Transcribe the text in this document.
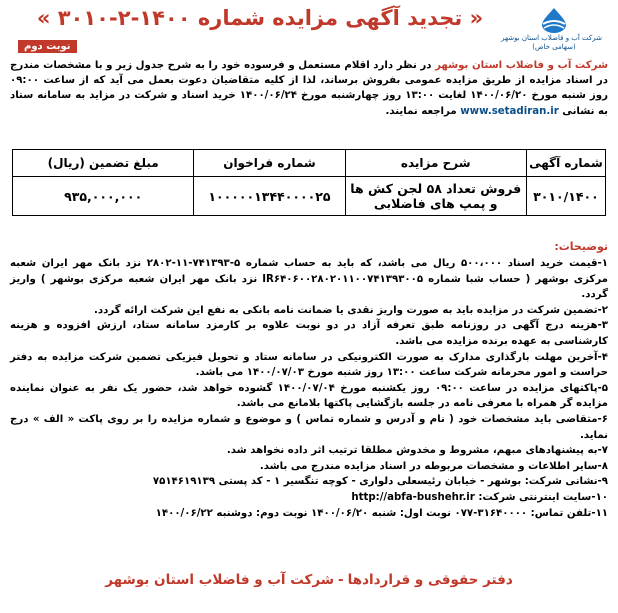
شرکت آب و فاضلاب استان بوشهر
(سهامی خاص)
« تجدید آگهی مزایده شماره ۱۴۰۰-۲-۳۰۱۰ »
نوبت دوم
شرکت آب و فاضلاب استان بوشهر در نظر دارد اقلام مستعمل و فرسوده خود را به شرح جدول زیر و با مشخصات مندرج در اسناد مزایده از طریق مزایده عمومی بفروش برساند، لذا از کلیه متقاضیان دعوت بعمل می آید که از ساعت ۰۹:۰۰ روز شنبه مورخ ۱۴۰۰/۰۶/۲۰ لغایت ۱۳:۰۰ روز چهارشنبه مورخ ۱۴۰۰/۰۶/۲۴ خرید اسناد و شرکت در مزاید به سامانه ستاد به نشانی www.setadiran.ir مراجعه نمایند.
شماره آگهی	شرح مزایده	شماره فراخوان	مبلغ تضمین (ریال)
۳۰۱۰/۱۴۰۰	فروش تعداد ۵۸ لجن کش ها و پمپ های فاضلابی	۱۰۰۰۰۰۱۳۴۴۰۰۰۰۲۵	۹۳۵,۰۰۰,۰۰۰
توضیحات:

۱-قیمت خرید اسناد ۵۰۰،۰۰۰ ریال می باشد، که باید به حساب شماره ۵-۷۴۱۳۹۳-۱۱-۲۸۰۲ نزد بانک مهر ایران شعبه مرکزی بوشهر ( حساب شبا شماره IR۶۴۰۶۰۰۲۸۰۲۰۱۱۰۰۷۴۱۳۹۳۰۰۵ نزد بانک مهر ایران شعبه مرکزی بوشهر ) واریز گردد.

۲-تضمین شرکت در مزایده باید به صورت واریز نقدی یا ضمانت نامه بانکی به نفع این شرکت ارائه گردد.

۳-هزینه درج آگهی در روزنامه طبق تعرفه آزاد در دو نوبت علاوه بر کارمزد سامانه ستاد، ارزش افزوده و هزینه کارشناسی به عهده برنده مزایده می باشد.

۴-آخرین مهلت بارگذاری مدارک به صورت الکترونیکی در سامانه ستاد و تحویل فیزیکی تضمین شرکت مزایده به دفتر حراست و امور محرمانه شرکت ساعت ۱۳:۰۰ روز شنبه مورخ ۱۴۰۰/۰۷/۰۳ می باشد.

۵-پاکتهای مزایده در ساعت ۰۹:۰۰ روز یکشنبه مورخ ۱۴۰۰/۰۷/۰۴ گشوده خواهد شد، حضور یک نفر به عنوان نماینده مزایده گر همراه با معرفی نامه در جلسه بازگشایی پاکتها بلامانع می باشد.

۶-متقاضی باید مشخصات خود ( نام و آدرس و شماره تماس ) و موضوع و شماره مزایده را بر روی پاکت « الف » درج نماید.

۷-به پیشنهادهای مبهم، مشروط و مخدوش مطلقا ترتیب اثر داده نخواهد شد.

۸-سایر اطلاعات و مشخصات مربوطه در اسناد مزایده مندرج می باشد.

۹-نشانی شرکت: بوشهر - خیابان رئیسعلی دلواری - کوچه تنگسیر ۱ - کد پستی ۷۵۱۴۶۱۹۱۳۹

۱۰-سایت اینترنتی شرکت: http://abfa-bushehr.ir

۱۱-تلفن تماس: ۳۱۶۴۰۰۰۰-۰۷۷ نوبت اول: شنبه ۱۴۰۰/۰۶/۲۰ نوبت دوم: دوشنبه ۱۴۰۰/۰۶/۲۲

دفتر حقوقی و قراردادها-شرکت آب و فاضلاب استان بوشهر
